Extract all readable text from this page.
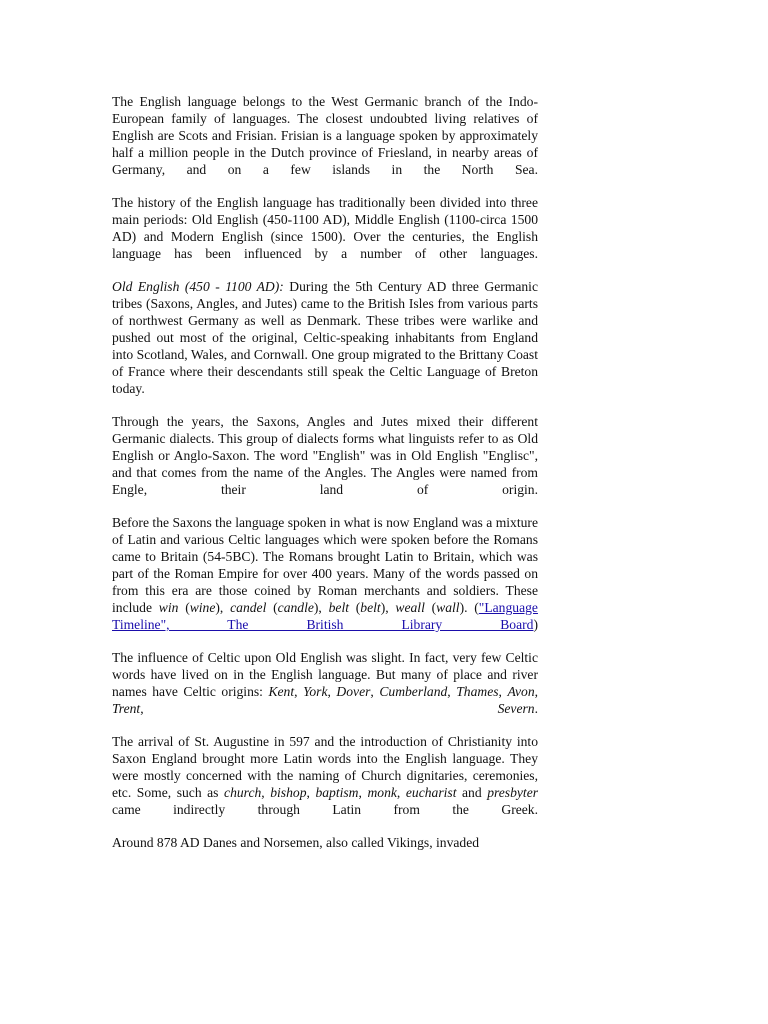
The English language belongs to the West Germanic branch of the Indo-European family of languages. The closest undoubted living relatives of English are Scots and Frisian. Frisian is a language spoken by approximately half a million people in the Dutch province of Friesland, in nearby areas of Germany, and on a few islands in the North Sea.

The history of the English language has traditionally been divided into three main periods: Old English (450-1100 AD), Middle English (1100-circa 1500 AD) and Modern English (since 1500). Over the centuries, the English language has been influenced by a number of other languages.

Old English (450 - 1100 AD): During the 5th Century AD three Germanic tribes (Saxons, Angles, and Jutes) came to the British Isles from various parts of northwest Germany as well as Denmark. These tribes were warlike and pushed out most of the original, Celtic-speaking inhabitants from England into Scotland, Wales, and Cornwall. One group migrated to the Brittany Coast of France where their descendants still speak the Celtic Language of Breton today.

Through the years, the Saxons, Angles and Jutes mixed their different Germanic dialects. This group of dialects forms what linguists refer to as Old English or Anglo-Saxon. The word "English" was in Old English "Englisc", and that comes from the name of the Angles. The Angles were named from Engle, their land of origin.

Before the Saxons the language spoken in what is now England was a mixture of Latin and various Celtic languages which were spoken before the Romans came to Britain (54-5BC). The Romans brought Latin to Britain, which was part of the Roman Empire for over 400 years. Many of the words passed on from this era are those coined by Roman merchants and soldiers. These include win (wine), candel (candle), belt (belt), weall (wall). ("Language Timeline", The British Library Board)

The influence of Celtic upon Old English was slight. In fact, very few Celtic words have lived on in the English language. But many of place and river names have Celtic origins: Kent, York, Dover, Cumberland, Thames, Avon, Trent, Severn.

The arrival of St. Augustine in 597 and the introduction of Christianity into Saxon England brought more Latin words into the English language. They were mostly concerned with the naming of Church dignitaries, ceremonies, etc. Some, such as church, bishop, baptism, monk, eucharist and presbyter came indirectly through Latin from the Greek.

Around 878 AD Danes and Norsemen, also called Vikings, invaded
